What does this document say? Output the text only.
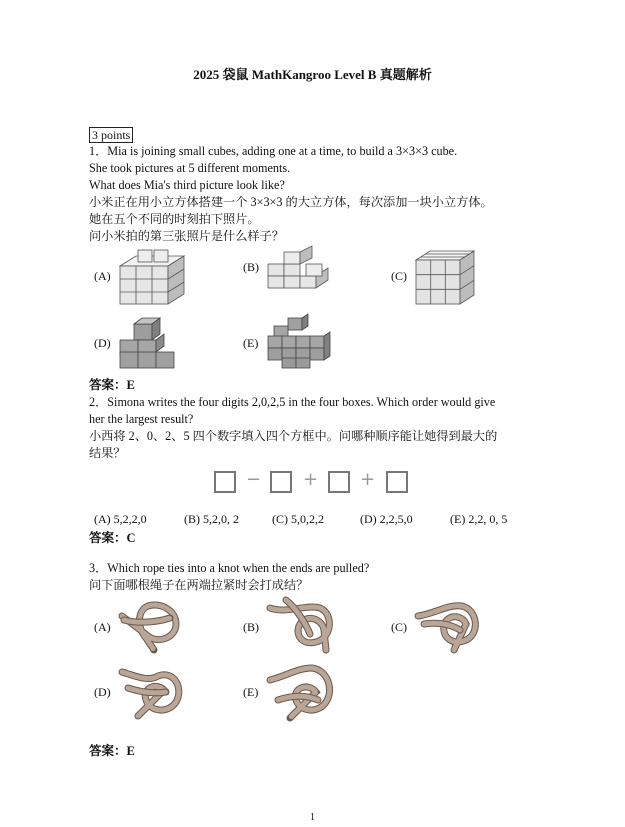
2025 袋鼠 MathKangroo Level B 真题解析
3 points
1．Mia is joining small cubes, adding one at a time, to build a 3×3×3 cube.
She took pictures at 5 different moments.
What does Mia's third picture look like?
小米正在用小立方体搭建一个 3×3×3 的大立方体，每次添加一块小立方体。
她在五个不同的时刻拍下照片。
问小米拍的第三张照片是什么样子？
(A)
(B)
(C)
(D)	(E)
答案：E
2．Simona writes the four digits 2,0,2,5 in the four boxes. Which order would give
her the largest result?
小西将 2、0、2、5 四个数字填入四个方框中。问哪种顺序能让她得到最大的
结果？
− + +
(A) 5,2,2,0	(B) 5,2,0, 2	(C) 5,0,2,2	(D) 2,2,5,0	(E) 2,2, 0, 5
答案：C
3．Which rope ties into a knot when the ends are pulled?
问下面哪根绳子在两端拉紧时会打成结？
(A)	(B)	(C)
(D)	(E)
答案：E
1
